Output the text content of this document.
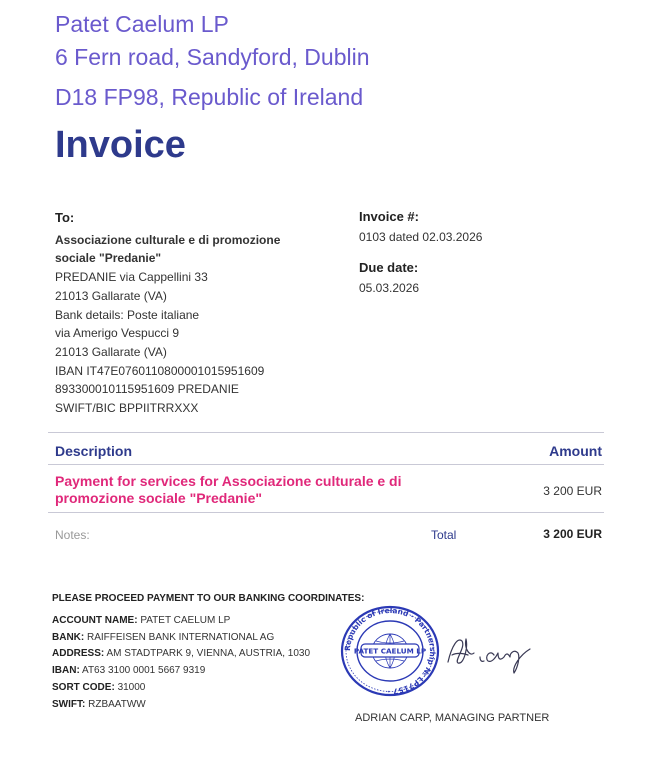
Patet Caelum LP
6 Fern road, Sandyford, Dublin
D18 FP98, Republic of Ireland
Invoice
To:
Associazione culturale e di promozione
sociale "Predanie"
PREDANIE via Cappellini 33
21013 Gallarate (VA)
Bank details: Poste italiane
via Amerigo Vespucci 9
21013 Gallarate (VA)
IBAN IT47E0760110800001015951609
893300010115951609 PREDANIE
SWIFT/BIC BPPIITRRXXX
Invoice #:
0103 dated 02.03.2026
Due date:
05.03.2026
Description	Amount
Payment for services for Associazione culturale e di promozione sociale "Predanie"	3 200 EUR
Notes:	Total	3 200 EUR
PLEASE PROCEED PAYMENT TO OUR BANKING COORDINATES:
ACCOUNT NAME: PATET CAELUM LP
BANK: RAIFFEISEN BANK INTERNATIONAL AG
ADDRESS: AM STADTPARK 9, VIENNA, AUSTRIA, 1030
IBAN: AT63 3100 0001 5667 9319
SORT CODE: 31000
SWIFT: RZBAATWW
Republic of Ireland · Partnership № LP7157 ·
PATET CAELUM LP
ADRIAN CARP, MANAGING PARTNER
